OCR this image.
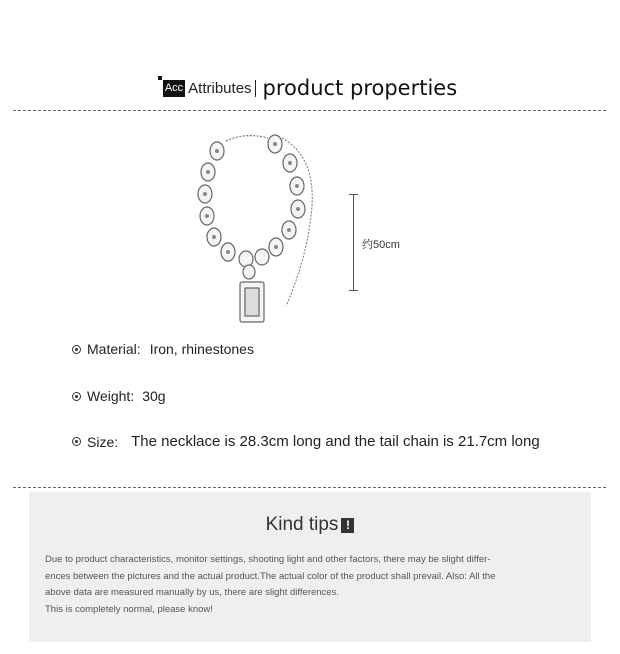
Acc Attributes product properties
约50cm
Material: Iron, rhinestones
Weight: 30g
Size: The necklace is 28.3cm long and the tail chain is 21.7cm long
Kind tips !

Due to product characteristics, monitor settings, shooting light and other factors, there may be slight differ-

ences between the pictures and the actual product.The actual color of the product shall prevail. Also: All the

above data are measured manually by us, there are slight differences.

This is completely normal, please know!
